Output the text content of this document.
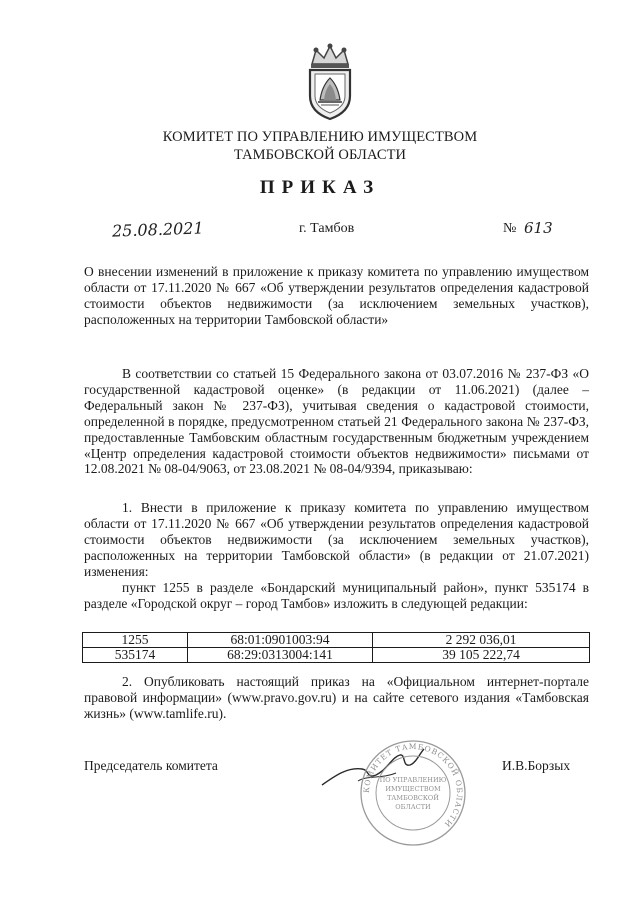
КОМИТЕТ ПО УПРАВЛЕНИЮ ИМУЩЕСТВОМ
ТАМБОВСКОЙ ОБЛАСТИ
ПРИКАЗ
25.08.2021	г. Тамбов	№ 613
О внесении изменений в приложение к приказу комитета по управлению имуществом области от 17.11.2020 № 667 «Об утверждении результатов определения кадастровой стоимости объектов недвижимости (за исключением земельных участков), расположенных на территории Тамбовской области»
В соответствии со статьей 15 Федерального закона от 03.07.2016 № 237-ФЗ «О государственной кадастровой оценке» (в редакции от 11.06.2021) (далее – Федеральный закон № 237-ФЗ), учитывая сведения о кадастровой стоимости, определенной в порядке, предусмотренном статьей 21 Федерального закона № 237-ФЗ, предоставленные Тамбовским областным государственным бюджетным учреждением «Центр определения кадастровой стоимости объектов недвижимости» письмами от 12.08.2021 № 08-04/9063, от 23.08.2021 № 08-04/9394, приказываю:
1. Внести в приложение к приказу комитета по управлению имуществом области от 17.11.2020 № 667 «Об утверждении результатов определения кадастровой стоимости объектов недвижимости (за исключением земельных участков), расположенных на территории Тамбовской области» (в редакции от 21.07.2021) изменения:
пункт 1255 в разделе «Бондарский муниципальный район», пункт 535174 в разделе «Городской округ – город Тамбов» изложить в следующей редакции:
1255	68:01:0901003:94	2 292 036,01
535174	68:29:0313004:141	39 105 222,74
2. Опубликовать настоящий приказ на «Официальном интернет-портале правовой информации» (www.pravo.gov.ru) и на сайте сетевого издания «Тамбовская жизнь» (www.tamlife.ru).
Председатель комитета	И.В.Борзых
КОМИТЕТ ТАМБОВСКОЙ ОБЛАСТИ
ПО УПРАВЛЕНИЮ
ИМУЩЕСТВОМ
ТАМБОВСКОЙ
ОБЛАСТИ
